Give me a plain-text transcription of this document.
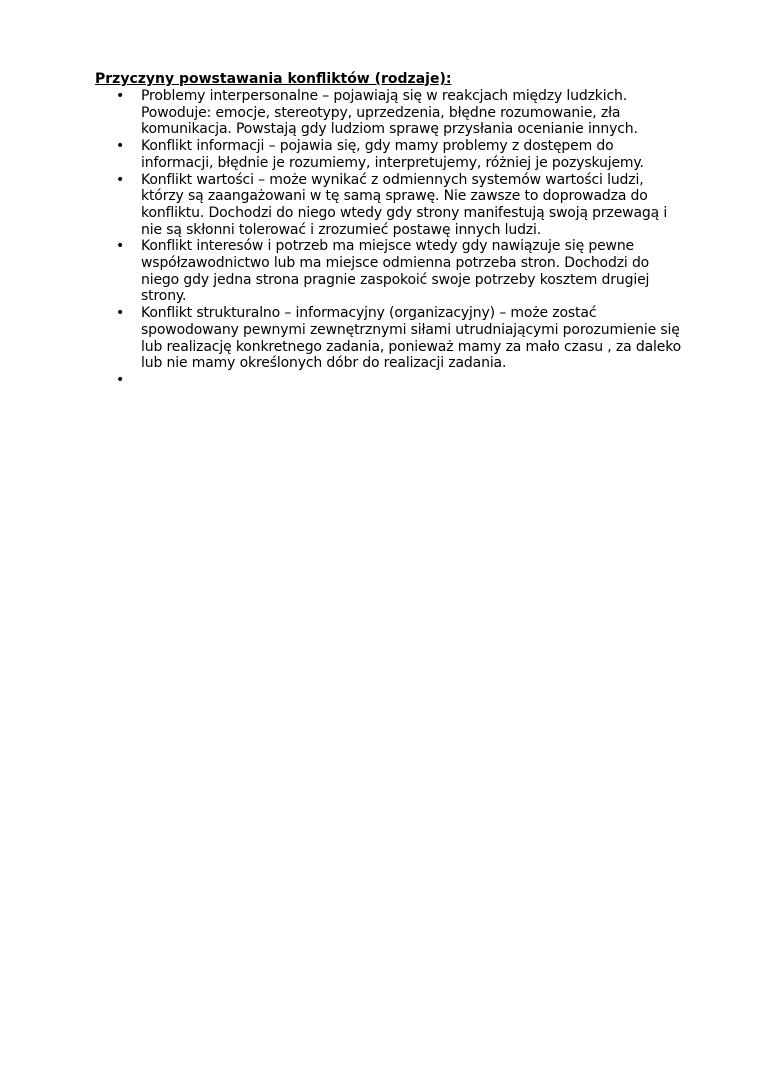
Przyczyny powstawania konfliktów (rodzaje):
• Problemy interpersonalne – pojawiają się w reakcjach między ludzkich. Powoduje: emocje, stereotypy, uprzedzenia, błędne rozumowanie, zła komunikacja. Powstają gdy ludziom sprawę przysłania ocenianie innych.
• Konflikt informacji – pojawia się, gdy mamy problemy z dostępem do informacji, błędnie je rozumiemy, interpretujemy, różniej je pozyskujemy.
• Konflikt wartości – może wynikać z odmiennych systemów wartości ludzi, którzy są zaangażowani w tę samą sprawę. Nie zawsze to doprowadza do konfliktu. Dochodzi do niego wtedy gdy strony manifestują swoją przewagą i nie są skłonni tolerować i zrozumieć postawę innych ludzi.
• Konflikt interesów i potrzeb ma miejsce wtedy gdy nawiązuje się pewne współzawodnictwo lub ma miejsce odmienna potrzeba stron. Dochodzi do niego gdy jedna strona pragnie zaspokoić swoje potrzeby kosztem drugiej strony.
• Konflikt strukturalno – informacyjny (organizacyjny) – może zostać spowodowany pewnymi zewnętrznymi siłami utrudniającymi porozumienie się lub realizację konkretnego zadania, ponieważ mamy za mało czasu , za daleko lub nie mamy określonych dóbr do realizacji zadania.
•
